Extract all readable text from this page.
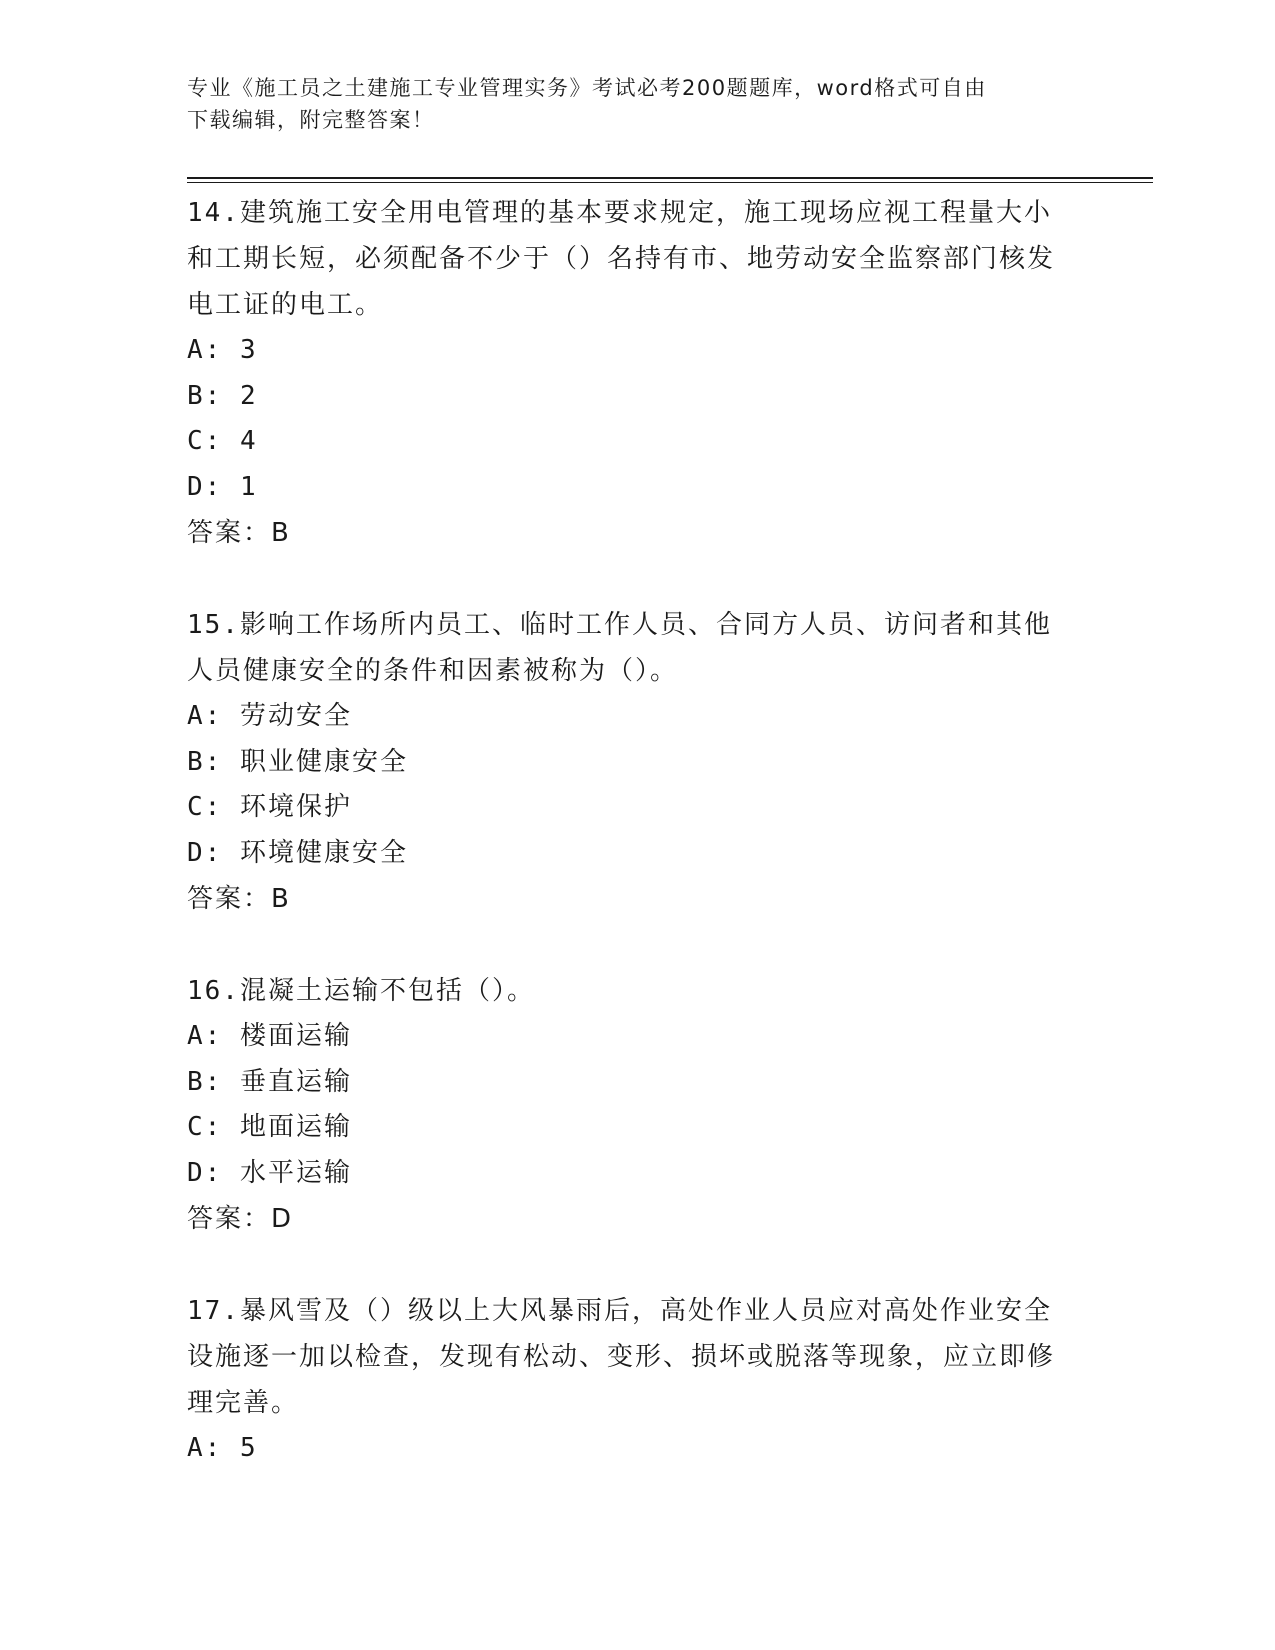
专业《施工员之土建施工专业管理实务》考试必考200题题库，word格式可自由
下载编辑，附完整答案！
14.建筑施工安全用电管理的基本要求规定，施工现场应视工程量大小和工期长短，必须配备不少于（）名持有市、地劳动安全监察部门核发电工证的电工。
A: 3
B: 2
C: 4
D: 1
答案：B
15.影响工作场所内员工、临时工作人员、合同方人员、访问者和其他人员健康安全的条件和因素被称为（）。
A: 劳动安全
B: 职业健康安全
C: 环境保护
D: 环境健康安全
答案：B
16.混凝土运输不包括（）。
A: 楼面运输
B: 垂直运输
C: 地面运输
D: 水平运输
答案：D
17.暴风雪及（）级以上大风暴雨后，高处作业人员应对高处作业安全设施逐一加以检查，发现有松动、变形、损坏或脱落等现象，应立即修理完善。
A: 5
